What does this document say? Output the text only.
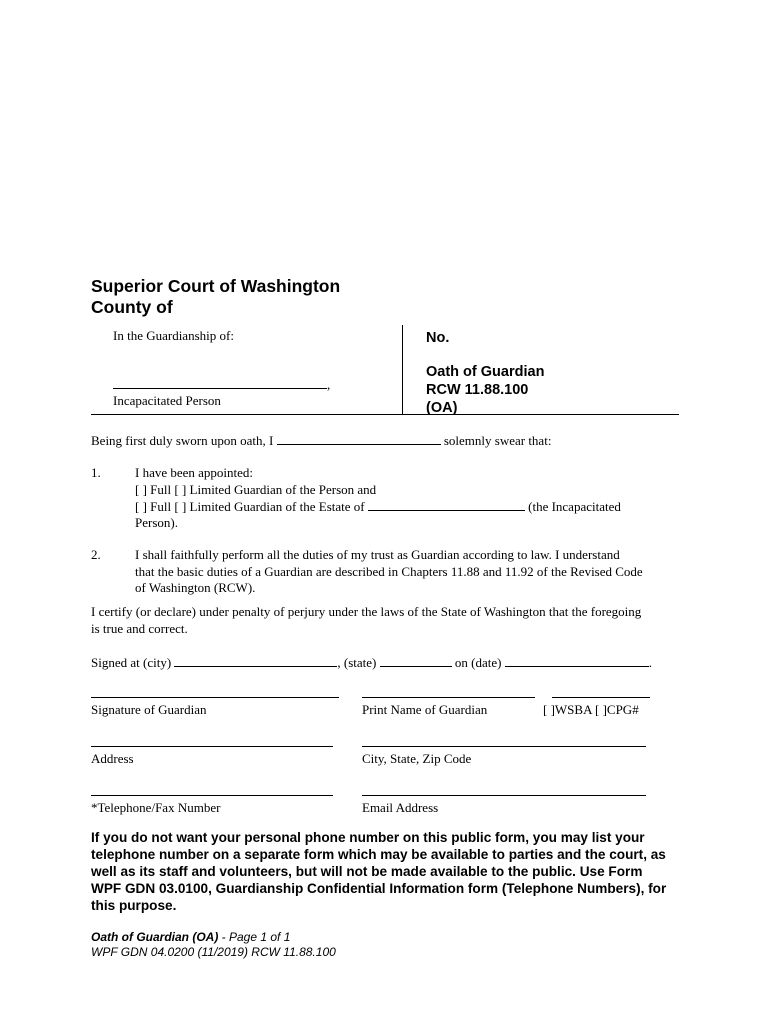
Superior Court of Washington
County of
In the Guardianship of:
,
Incapacitated Person
No.
Oath of Guardian
RCW 11.88.100
(OA)
Being first duly sworn upon oath, I	solemnly swear that:
1.	I have been appointed:
[ ] Full [ ] Limited Guardian of the Person and
[ ] Full [ ] Limited Guardian of the Estate of	(the Incapacitated
Person).
2.	I shall faithfully perform all the duties of my trust as Guardian according to law. I understand
that the basic duties of a Guardian are described in Chapters 11.88 and 11.92 of the Revised Code
of Washington (RCW).
I certify (or declare) under penalty of perjury under the laws of the State of Washington that the foregoing
is true and correct.
Signed at (city)	, (state)	on (date)	.
Signature of Guardian	Print Name of Guardian	[ ]WSBA [ ]CPG#
Address	City, State, Zip Code
*Telephone/Fax Number	Email Address
If you do not want your personal phone number on this public form, you may list your
telephone number on a separate form which may be available to parties and the court, as
well as its staff and volunteers, but will not be made available to the public. Use Form
WPF GDN 03.0100, Guardianship Confidential Information form (Telephone Numbers), for
this purpose.
Oath of Guardian (OA) - Page 1 of 1
WPF GDN 04.0200 (11/2019) RCW 11.88.100
